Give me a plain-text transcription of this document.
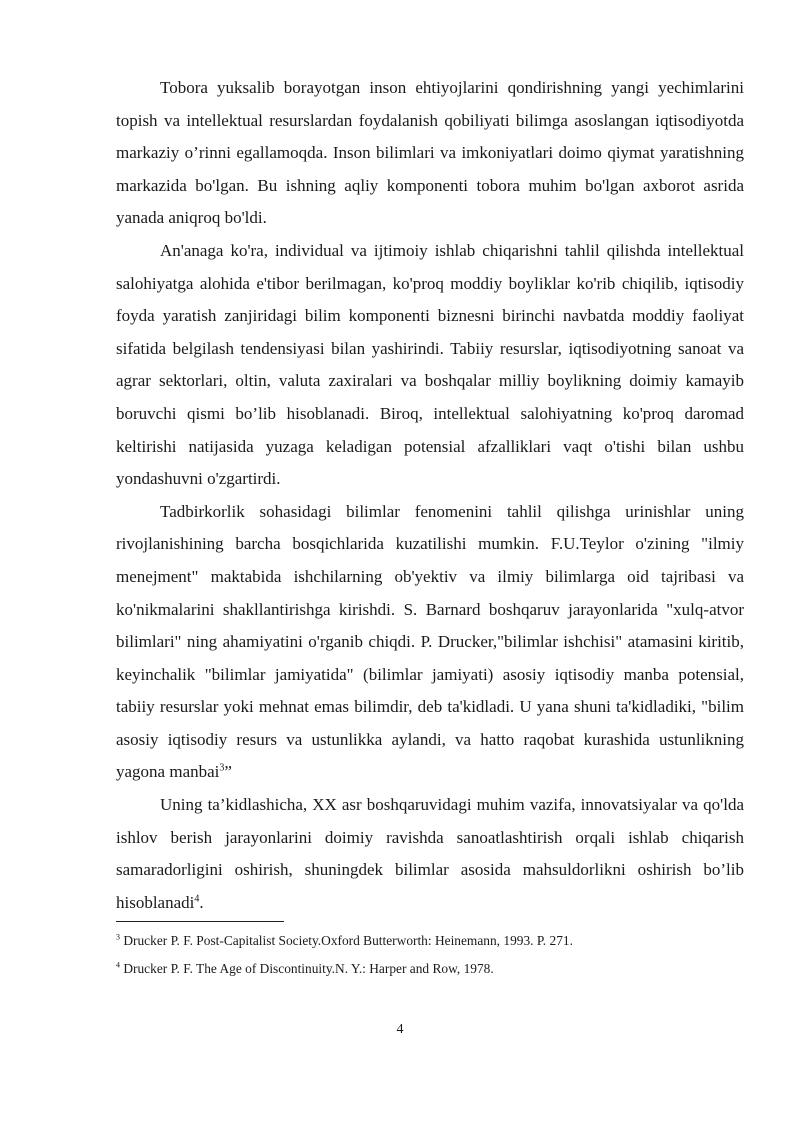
Tobora yuksalib borayotgan inson ehtiyojlarini qondirishning yangi yechimlarini topish va intellektual resurslardan foydalanish qobiliyati bilimga asoslangan iqtisodiyotda markaziy o’rinni egallamoqda. Inson bilimlari va imkoniyatlari doimo qiymat yaratishning markazida bo'lgan. Bu ishning aqliy komponenti tobora muhim bo'lgan axborot asrida yanada aniqroq bo'ldi.

An'anaga ko'ra, individual va ijtimoiy ishlab chiqarishni tahlil qilishda intellektual salohiyatga alohida e'tibor berilmagan, ko'proq moddiy boyliklar ko'rib chiqilib, iqtisodiy foyda yaratish zanjiridagi bilim komponenti biznesni birinchi navbatda moddiy faoliyat sifatida belgilash tendensiyasi bilan yashirindi. Tabiiy resurslar, iqtisodiyotning sanoat va agrar sektorlari, oltin, valuta zaxiralari va boshqalar milliy boylikning doimiy kamayib boruvchi qismi bo’lib hisoblanadi. Biroq, intellektual salohiyatning ko'proq daromad keltirishi natijasida yuzaga keladigan potensial afzalliklari vaqt o'tishi bilan ushbu yondashuvni o'zgartirdi.

Tadbirkorlik sohasidagi bilimlar fenomenini tahlil qilishga urinishlar uning rivojlanishining barcha bosqichlarida kuzatilishi mumkin. F.U.Teylor o'zining "ilmiy menejment" maktabida ishchilarning ob'yektiv va ilmiy bilimlarga oid tajribasi va ko'nikmalarini shakllantirishga kirishdi. S. Barnard boshqaruv jarayonlarida "xulq-atvor bilimlari" ning ahamiyatini o'rganib chiqdi. P. Drucker,"bilimlar ishchisi" atamasini kiritib, keyinchalik "bilimlar jamiyatida" (bilimlar jamiyati) asosiy iqtisodiy manba potensial, tabiiy resurslar yoki mehnat emas bilimdir, deb ta'kidladi. U yana shuni ta'kidladiki, "bilim asosiy iqtisodiy resurs va ustunlikka aylandi, va hatto raqobat kurashida ustunlikning yagona manbai$^3$”

Uning ta’kidlashicha, XX asr boshqaruvidagi muhim vazifa, innovatsiyalar va qo'lda ishlov berish jarayonlarini doimiy ravishda sanoatlashtirish orqali ishlab chiqarish samaradorligini oshirish, shuningdek bilimlar asosida mahsuldorlikni oshirish bo’lib hisoblanadi$^4$.

$^3$ Drucker P. F. Post-Capitalist Society.Oxford Butterworth: Heinemann, 1993. P. 271.

$^4$ Drucker P. F. The Age of Discontinuity.N. Y.: Harper and Row, 1978.

4
